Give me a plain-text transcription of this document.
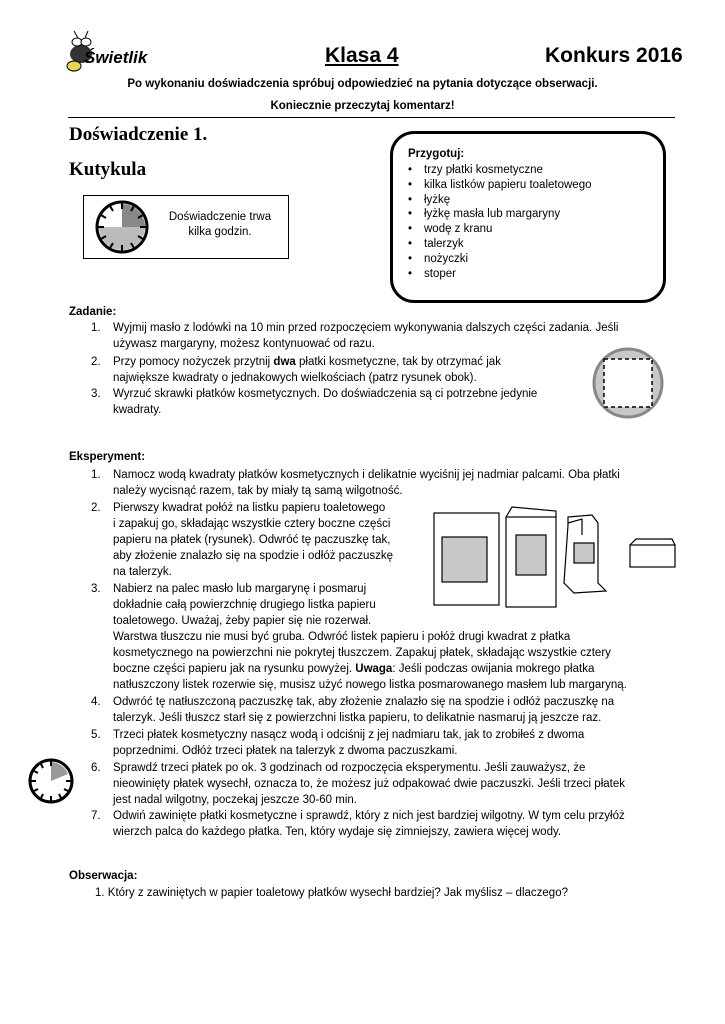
Świetlik	Klasa 4	Konkurs 2016
Po wykonaniu doświadczenia spróbuj odpowiedzieć na pytania dotyczące obserwacji.
Koniecznie przeczytaj komentarz!
Doświadczenie 1.
Kutykula
Doświadczenie trwa kilka godzin.
Przygotuj:
• trzy płatki kosmetyczne
• kilka listków papieru toaletowego
• łyżkę
• łyżkę masła lub margaryny
• wodę z kranu
• talerzyk
• nożyczki
• stoper
Zadanie:
1. Wyjmij masło z lodówki na 10 min przed rozpoczęciem wykonywania dalszych części zadania. Jeśli
używasz margaryny, możesz kontynuować od razu.
2. Przy pomocy nożyczek przytnij dwa płatki kosmetyczne, tak by otrzymać jak
największe kwadraty o jednakowych wielkościach (patrz rysunek obok).
3. Wyrzuć skrawki płatków kosmetycznych. Do doświadczenia są ci potrzebne jedynie
kwadraty.
Eksperyment:
1. Namocz wodą kwadraty płatków kosmetycznych i delikatnie wyciśnij jej nadmiar palcami. Oba płatki
należy wycisnąć razem, tak by miały tą samą wilgotność.
2. Pierwszy kwadrat połóż na listku papieru toaletowego
i zapakuj go, składając wszystkie cztery boczne części
papieru na płatek (rysunek). Odwróć tę paczuszkę tak,
aby złożenie znalazło się na spodzie i odłóż paczuszkę
na talerzyk.
3. Nabierz na palec masło lub margarynę i posmaruj
dokładnie całą powierzchnię drugiego listka papieru
toaletowego. Uważaj, żeby papier się nie rozerwał.
Warstwa tłuszczu nie musi być gruba. Odwróć listek papieru i połóż drugi kwadrat z płatka
kosmetycznego na powierzchni nie pokrytej tłuszczem. Zapakuj płatek, składając wszystkie cztery
boczne części papieru jak na rysunku powyżej. Uwaga: Jeśli podczas owijania mokrego płatka
natłuszczony listek rozerwie się, musisz użyć nowego listka posmarowanego masłem lub margaryną.
4. Odwróć tę natłuszczoną paczuszkę tak, aby złożenie znalazło się na spodzie i odłóż paczuszkę na
talerzyk. Jeśli tłuszcz starł się z powierzchni listka papieru, to delikatnie nasmaruj ją jeszcze raz.
5. Trzeci płatek kosmetyczny nasącz wodą i odciśnij z jej nadmiaru tak, jak to zrobiłeś z dwoma
poprzednimi. Odłóż trzeci płatek na talerzyk z dwoma paczuszkami.
6. Sprawdź trzeci płatek po ok. 3 godzinach od rozpoczęcia eksperymentu. Jeśli zauważysz, że
nieowinięty płatek wysechł, oznacza to, że możesz już odpakować dwie paczuszki. Jeśli trzeci płatek
jest nadal wilgotny, poczekaj jeszcze 30-60 min.
7. Odwiń zawinięte płatki kosmetyczne i sprawdź, który z nich jest bardziej wilgotny. W tym celu przyłóż
wierzch palca do każdego płatka. Ten, który wydaje się zimniejszy, zawiera więcej wody.
Obserwacja:
1. Który z zawiniętych w papier toaletowy płatków wysechł bardziej? Jak myślisz – dlaczego?
